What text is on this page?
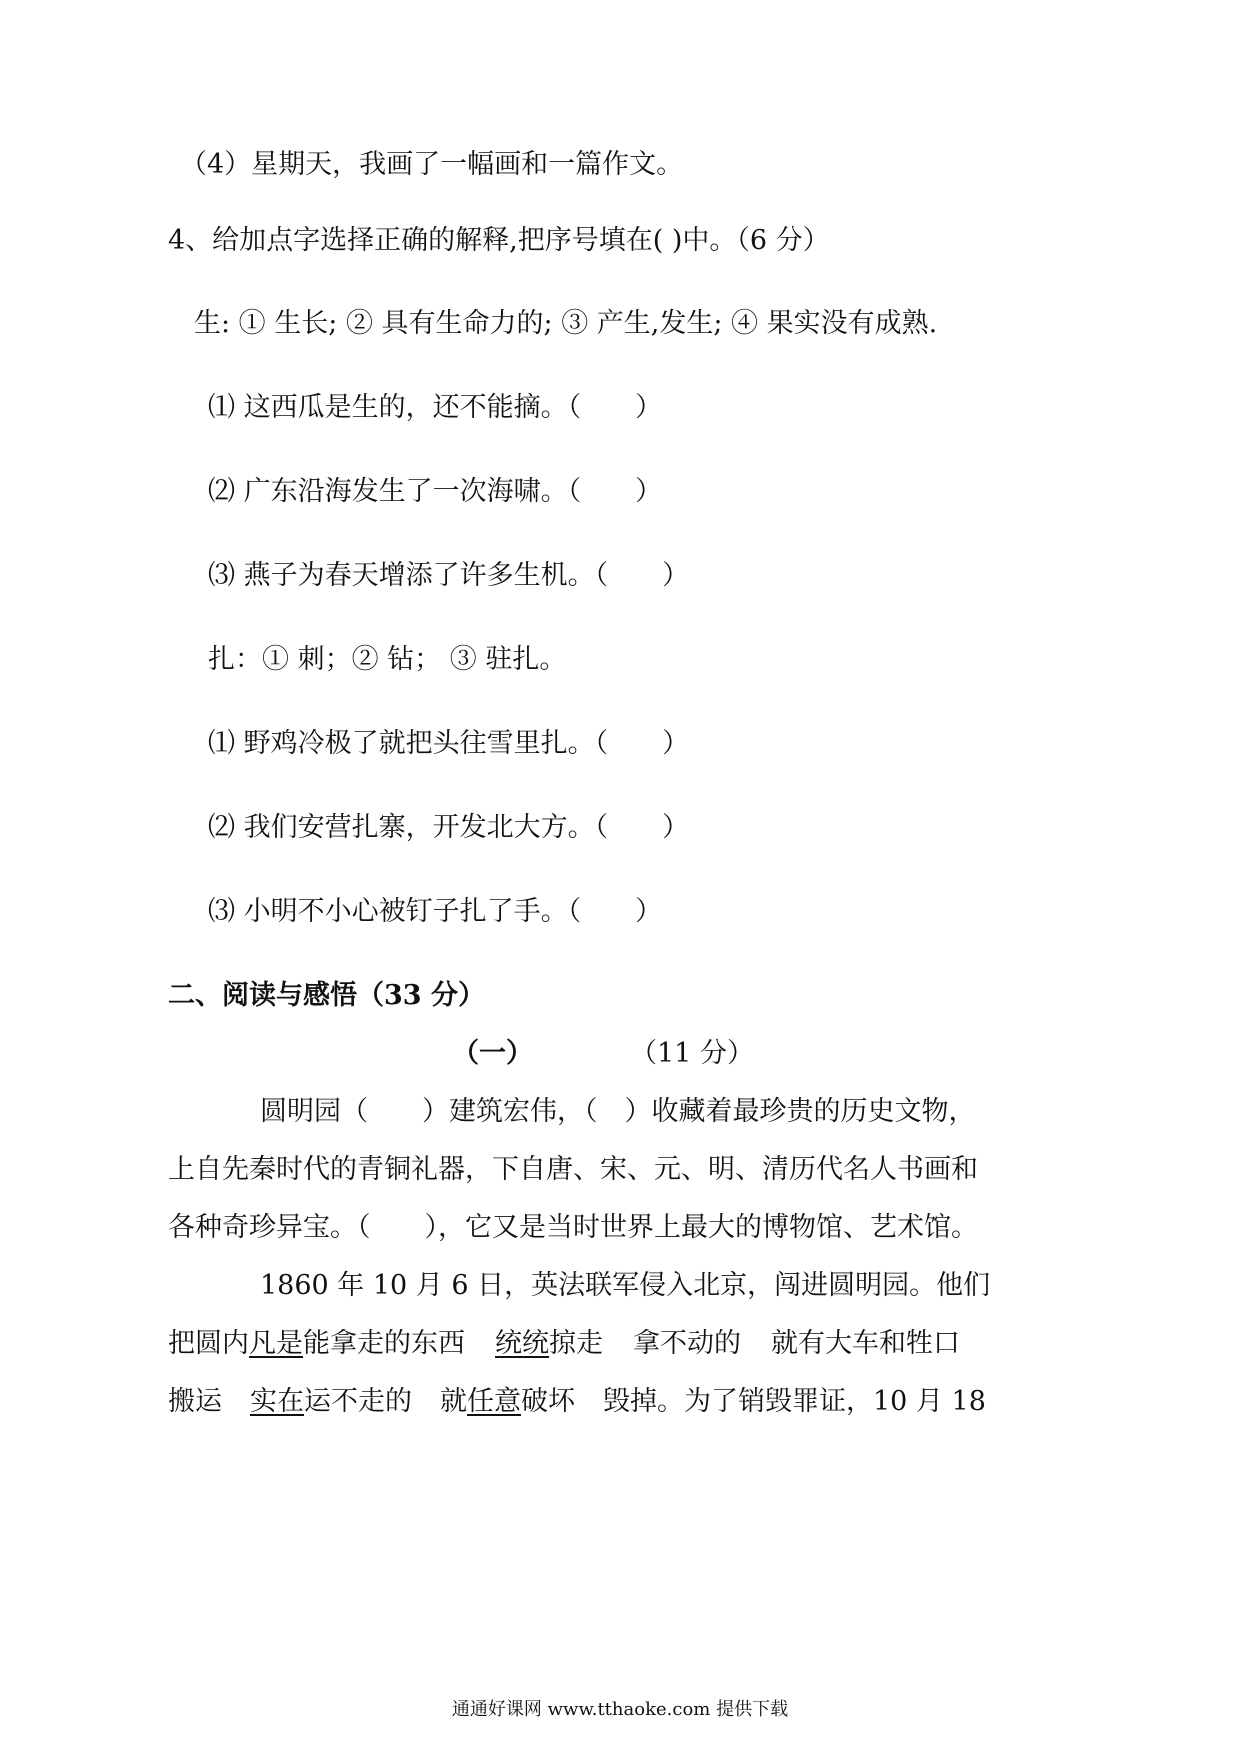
（4）星期天，我画了一幅画和一篇作文。
4、给加点字选择正确的解释,把序号填在( )中。（6 分）
生: ① 生长; ② 具有生命力的; ③ 产生,发生; ④ 果实没有成熟.
⑴ 这西瓜是生的，还不能摘。（　　）
⑵ 广东沿海发生了一次海啸。（　　）
⑶ 燕子为春天增添了许多生机。（　　）
扎：① 刺；② 钻； ③ 驻扎。
⑴ 野鸡冷极了就把头往雪里扎。（　　）
⑵ 我们安营扎寨，开发北大方。（　　）
⑶ 小明不小心被钉子扎了手。（　　）
二、阅读与感悟（33 分）
（一）	（11 分）
圆明园（　　）建筑宏伟，（　）收藏着最珍贵的历史文物，
上自先秦时代的青铜礼器，下自唐、宋、元、明、清历代名人书画和
各种奇珍异宝。（　　），它又是当时世界上最大的博物馆、艺术馆。
1860 年 10 月 6 日，英法联军侵入北京，闯进圆明园。他们
把圆内凡是能拿走的东西 统统掠走 拿不动的 就有大车和牲口
搬运 实在运不走的 就任意破坏 毁掉。为了销毁罪证，10 月 18
通通好课网 www.tthaoke.com 提供下载
